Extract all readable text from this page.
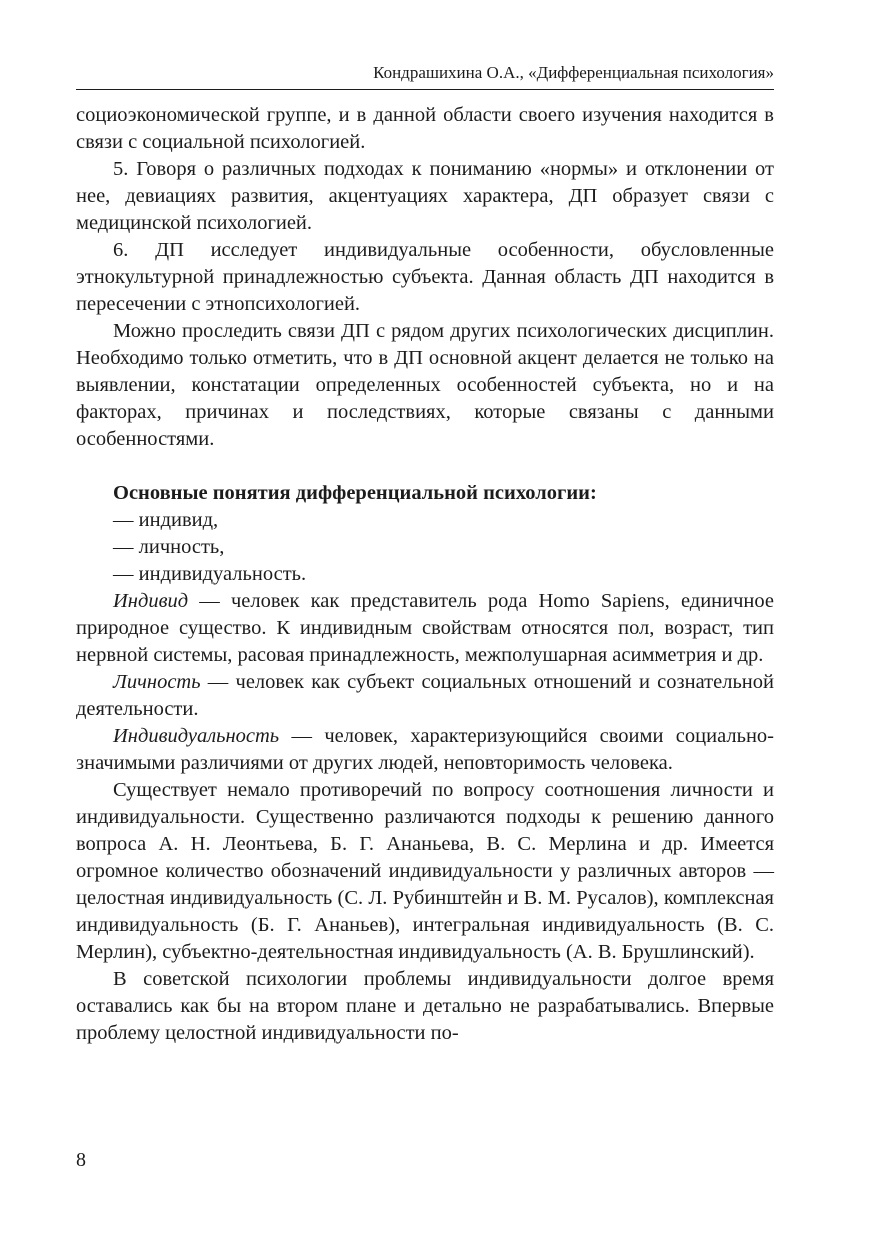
Кондрашихина О.А., «Дифференциальная психология»

социоэкономической группе, и в данной области своего изучения находится в связи с социальной психологией.

5. Говоря о различных подходах к пониманию «нормы» и отклонении от нее, девиациях развития, акцентуациях характера, ДП образует связи с медицинской психологией.

6. ДП исследует индивидуальные особенности, обусловленные этнокультурной принадлежностью субъекта. Данная область ДП находится в пересечении с этнопсихологией.

Можно проследить связи ДП с рядом других психологических дисциплин. Необходимо только отметить, что в ДП основной акцент делается не только на выявлении, констатации определенных особенностей субъекта, но и на факторах, причинах и последствиях, которые связаны с данными особенностями.

Основные понятия дифференциальной психологии:

— индивид,

— личность,

— индивидуальность.

Индивид — человек как представитель рода Homo Sapiens, единичное природное существо. К индивидным свойствам относятся пол, возраст, тип нервной системы, расовая принадлежность, межполушарная асимметрия и др.

Личность — человек как субъект социальных отношений и сознательной деятельности.

Индивидуальность — человек, характеризующийся своими социально-значимыми различиями от других людей, неповторимость человека.

Существует немало противоречий по вопросу соотношения личности и индивидуальности. Существенно различаются подходы к решению данного вопроса А. Н. Леонтьева, Б. Г. Ананьева, В. С. Мерлина и др. Имеется огромное количество обозначений индивидуальности у различных авторов — целостная индивидуальность (С. Л. Рубинштейн и В. М. Русалов), комплексная индивидуальность (Б. Г. Ананьев), интегральная индивидуальность (В. С. Мерлин), субъектно-деятельностная индивидуальность (А. В. Брушлинский).

В советской психологии проблемы индивидуальности долгое время оставались как бы на втором плане и детально не разрабатывались. Впервые проблему целостной индивидуальности по-

8
